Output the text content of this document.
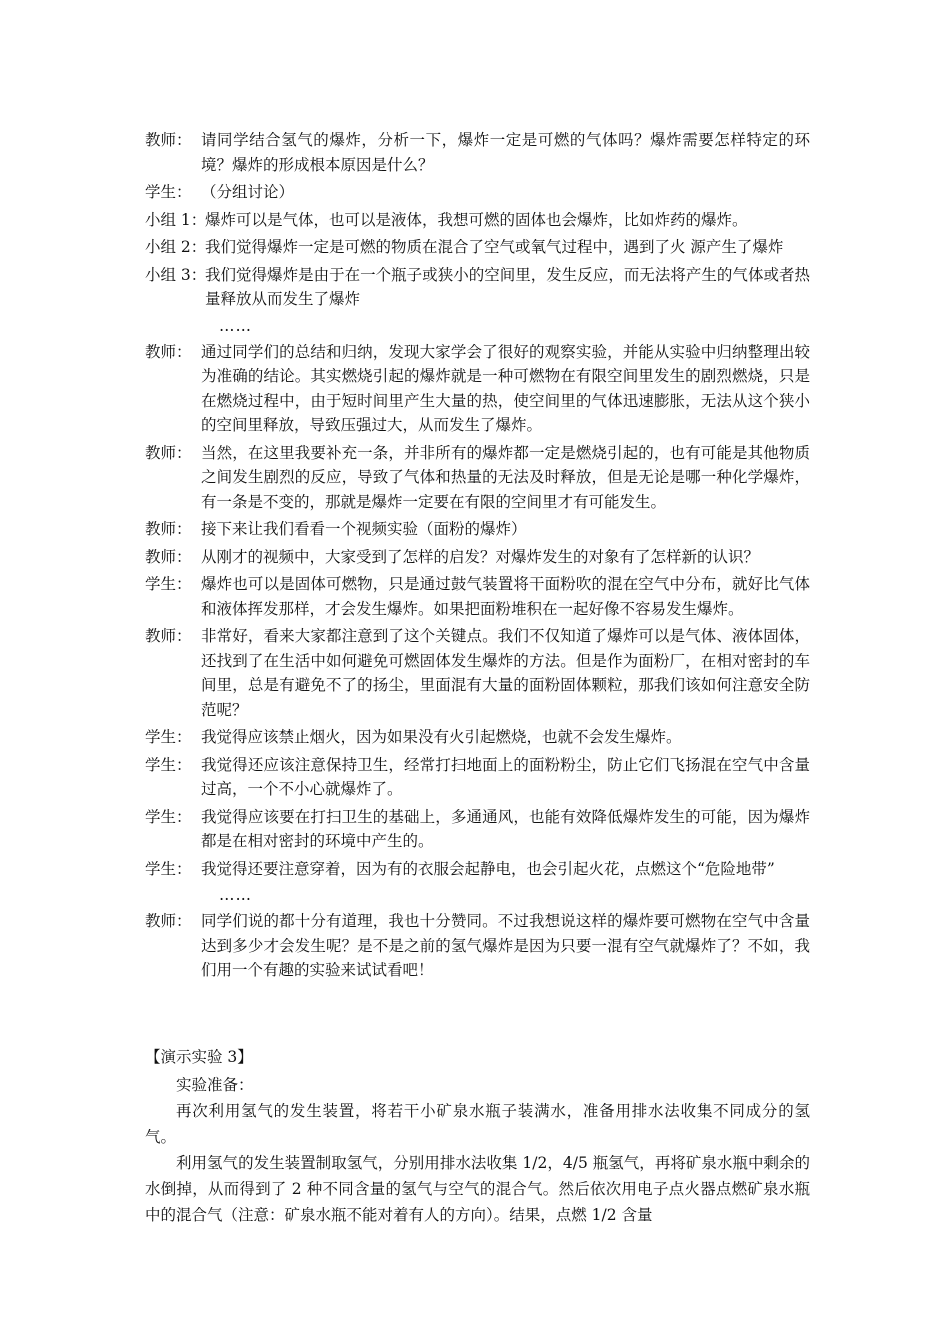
教师： 请同学结合氢气的爆炸，分析一下，爆炸一定是可燃的气体吗？爆炸需要怎样特定的环境？爆炸的形成根本原因是什么？
学生： （分组讨论）
小组 1：
爆炸可以是气体，也可以是液体，我想可燃的固体也会爆炸，比如炸药的爆炸。
小组 2：
我们觉得爆炸一定是可燃的物质在混合了空气或氧气过程中，遇到了火 源产生了爆炸
小组 3：
我们觉得爆炸是由于在一个瓶子或狭小的空间里，发生反应，而无法将产生的气体或者热量释放从而发生了爆炸
……
教师： 通过同学们的总结和归纳，发现大家学会了很好的观察实验，并能从实验中归纳整理出较为准确的结论。其实燃烧引起的爆炸就是一种可燃物在有限空间里发生的剧烈燃烧，只是在燃烧过程中，由于短时间里产生大量的热，使空间里的气体迅速膨胀，无法从这个狭小的空间里释放，导致压强过大，从而发生了爆炸。
教师： 当然，在这里我要补充一条，并非所有的爆炸都一定是燃烧引起的，也有可能是其他物质之间发生剧烈的反应，导致了气体和热量的无法及时释放，但是无论是哪一种化学爆炸，有一条是不变的，那就是爆炸一定要在有限的空间里才有可能发生。
教师： 接下来让我们看看一个视频实验（面粉的爆炸）
教师： 从刚才的视频中，大家受到了怎样的启发？对爆炸发生的对象有了怎样新的认识？
学生： 爆炸也可以是固体可燃物，只是通过鼓气装置将干面粉吹的混在空气中分布，就好比气体和液体挥发那样，才会发生爆炸。如果把面粉堆积在一起好像不容易发生爆炸。
教师： 非常好，看来大家都注意到了这个关键点。我们不仅知道了爆炸可以是气体、液体固体，还找到了在生活中如何避免可燃固体发生爆炸的方法。但是作为面粉厂，在相对密封的车间里，总是有避免不了的扬尘，里面混有大量的面粉固体颗粒，那我们该如何注意安全防范呢？
学生： 我觉得应该禁止烟火，因为如果没有火引起燃烧，也就不会发生爆炸。
学生： 我觉得还应该注意保持卫生，经常打扫地面上的面粉粉尘，防止它们飞扬混在空气中含量过高，一个不小心就爆炸了。
学生： 我觉得应该要在打扫卫生的基础上，多通通风，也能有效降低爆炸发生的可能，因为爆炸都是在相对密封的环境中产生的。
学生： 我觉得还要注意穿着，因为有的衣服会起静电，也会引起火花，点燃这个“危险地带”
……
教师： 同学们说的都十分有道理，我也十分赞同。不过我想说这样的爆炸要可燃物在空气中含量达到多少才会发生呢？是不是之前的氢气爆炸是因为只要一混有空气就爆炸了？不如，我们用一个有趣的实验来试试看吧！
【演示实验 3】
实验准备：
再次利用氢气的发生装置，将若干小矿泉水瓶子装满水，准备用排水法收集不同成分的氢气。
利用氢气的发生装置制取氢气，分别用排水法收集 1/2，4/5 瓶氢气，再将矿泉水瓶中剩余的水倒掉，从而得到了 2 种不同含量的氢气与空气的混合气。然后依次用电子点火器点燃矿泉水瓶中的混合气（注意：矿泉水瓶不能对着有人的方向）。结果，点燃 1/2 含量
